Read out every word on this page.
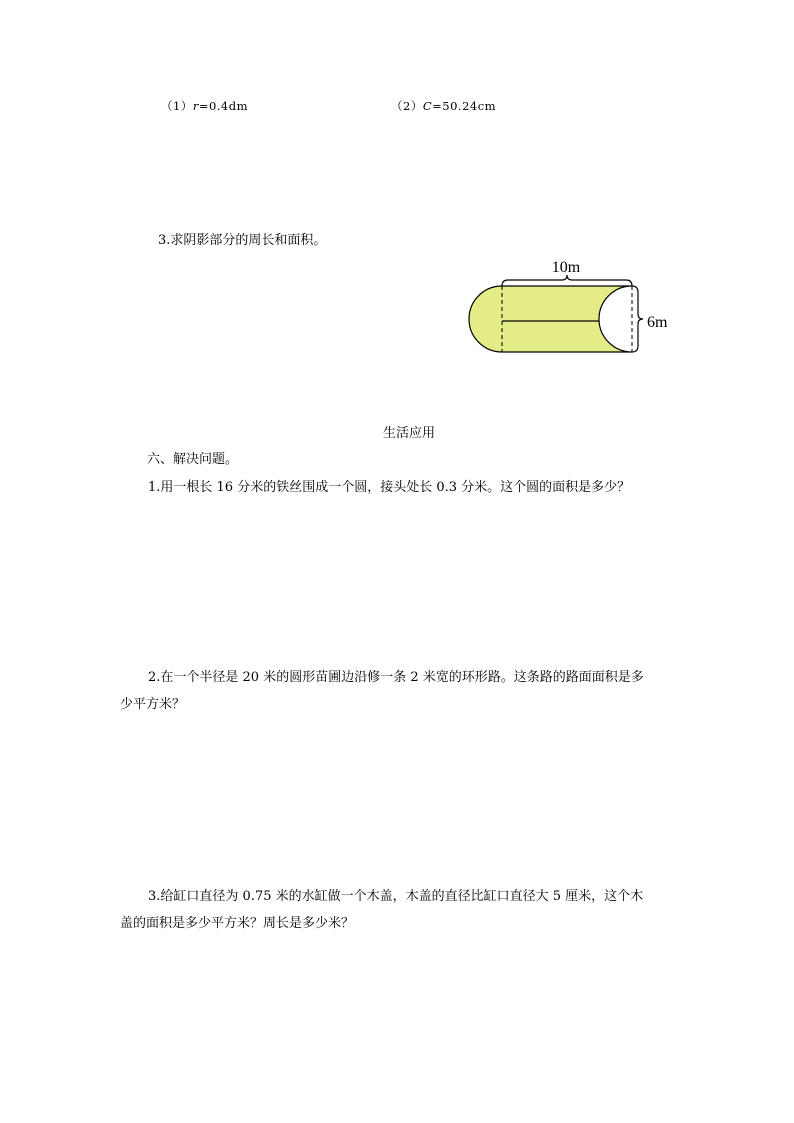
（1）r=0.4dm	（2）C=50.24cm
3.求阴影部分的周长和面积。
10m
6m
生活应用
六、解决问题。
1.用一根长 16 分米的铁丝围成一个圆，接头处长 0.3 分米。这个圆的面积是多少？
2.在一个半径是 20 米的圆形苗圃边沿修一条 2 米宽的环形路。这条路的路面面积是多
少平方米？
3.给缸口直径为 0.75 米的水缸做一个木盖，木盖的直径比缸口直径大 5 厘米，这个木
盖的面积是多少平方米？周长是多少米？
